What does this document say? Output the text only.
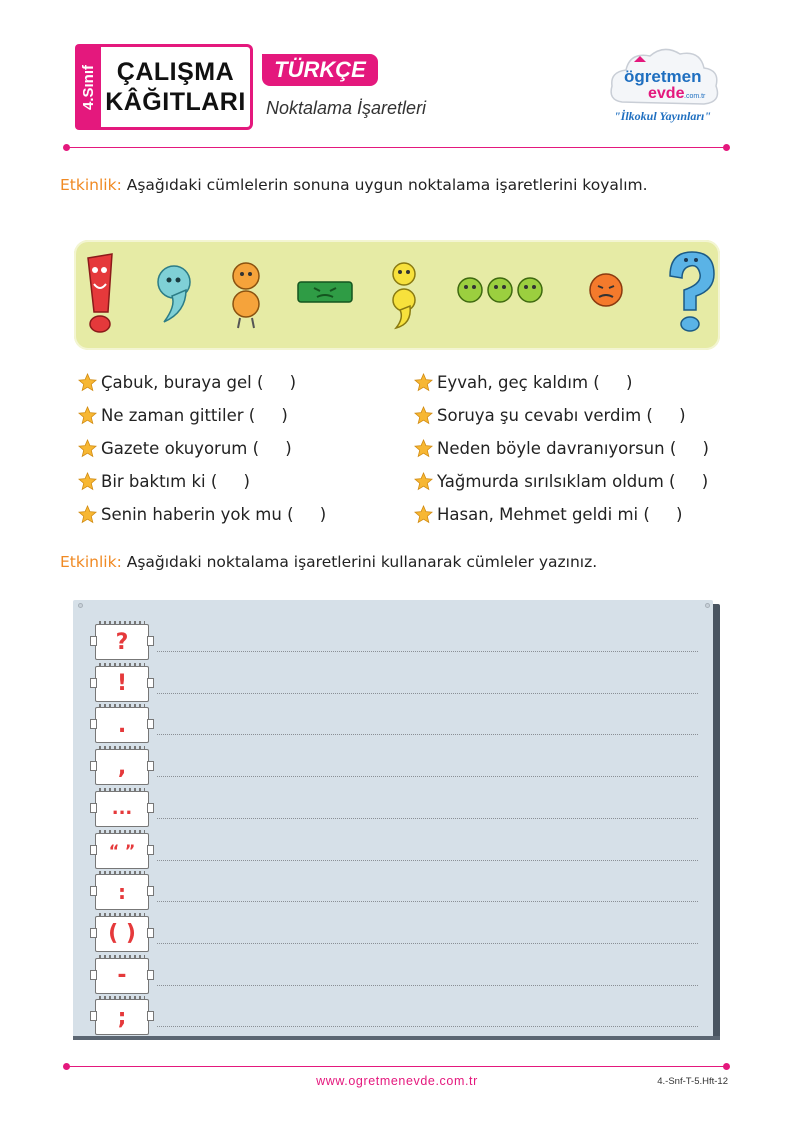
4.Sınıf ÇALIŞMA
KÂĞITLARI
TÜRKÇE
Noktalama İşaretleri
ögretmen
evde .com.tr
"İlkokul Yayınları"
Etkinlik: Aşağıdaki cümlelerin sonuna uygun noktalama işaretlerini koyalım.
Çabuk, buraya gel (     )
Ne zaman gittiler (     )
Gazete okuyorum (     )
Bir baktım ki (     )
Senin haberin yok mu (     )
Eyvah, geç kaldım (     )
Soruya şu cevabı verdim (     )
Neden böyle davranıyorsun (     )
Yağmurda sırılsıklam oldum (     )
Hasan, Mehmet geldi mi (     )
Etkinlik: Aşağıdaki noktalama işaretlerini kullanarak cümleler yazınız.
?
!
.
,
...
“ ”
:
( )
-
;
www.ogretmenevde.com.tr	4.-Snf-T-5.Hft-12
